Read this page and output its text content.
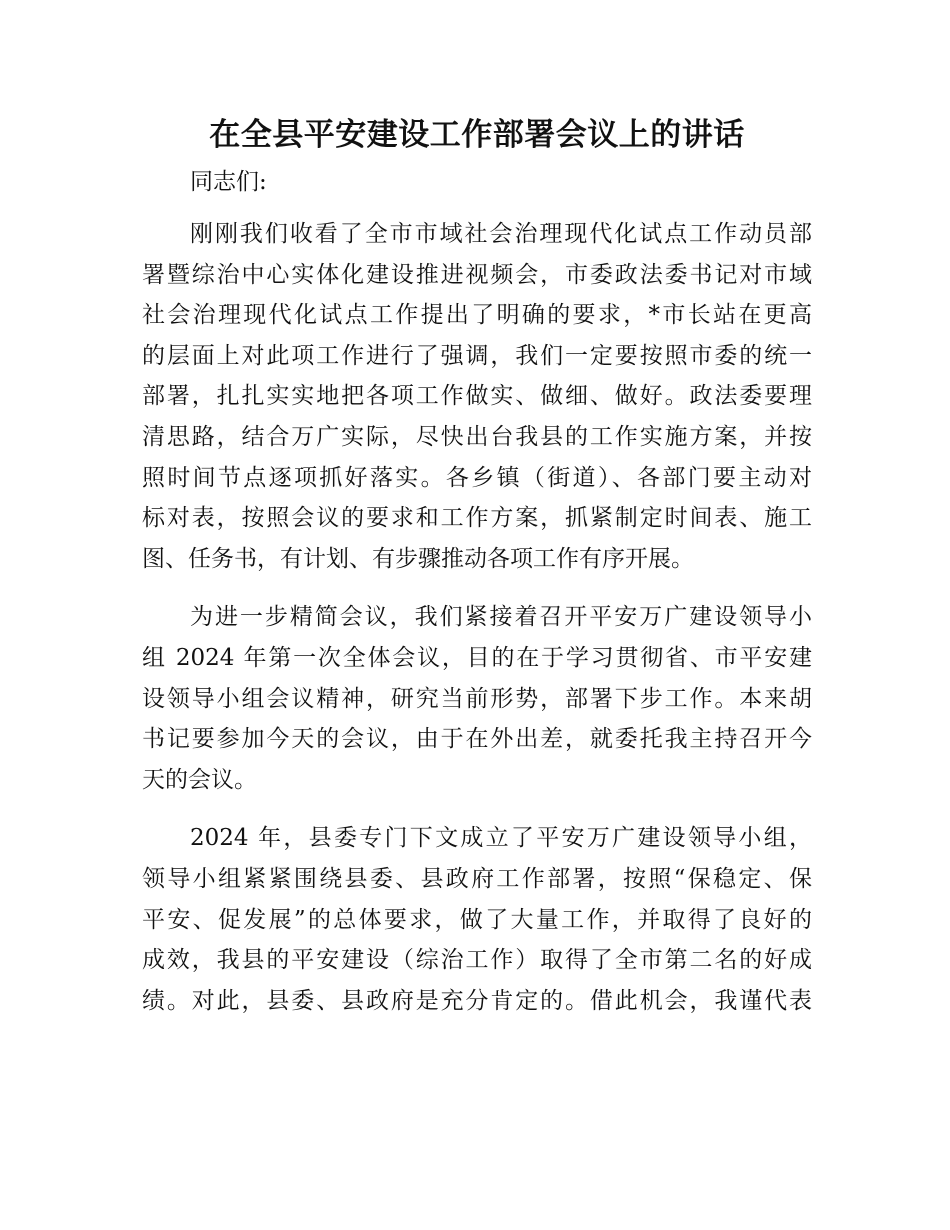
在全县平安建设工作部署会议上的讲话

同志们:

刚刚我们收看了全市市域社会治理现代化试点工作动员部
署暨综治中心实体化建设推进视频会，市委政法委书记对市域
社会治理现代化试点工作提出了明确的要求，*市长站在更高
的层面上对此项工作进行了强调，我们一定要按照市委的统一
部署，扎扎实实地把各项工作做实、做细、做好。政法委要理
清思路，结合万广实际，尽快出台我县的工作实施方案，并按
照时间节点逐项抓好落实。各乡镇（街道）、各部门要主动对
标对表，按照会议的要求和工作方案，抓紧制定时间表、施工
图、任务书，有计划、有步骤推动各项工作有序开展。
为进一步精简会议，我们紧接着召开平安万广建设领导小
组 2024 年第一次全体会议，目的在于学习贯彻省、市平安建
设领导小组会议精神，研究当前形势，部署下步工作。本来胡
书记要参加今天的会议，由于在外出差，就委托我主持召开今
天的会议。
2024 年，县委专门下文成立了平安万广建设领导小组，
领导小组紧紧围绕县委、县政府工作部署，按照“保稳定、保
平安、促发展”的总体要求，做了大量工作，并取得了良好的
成效，我县的平安建设（综治工作）取得了全市第二名的好成
绩。对此，县委、县政府是充分肯定的。借此机会，我谨代表
